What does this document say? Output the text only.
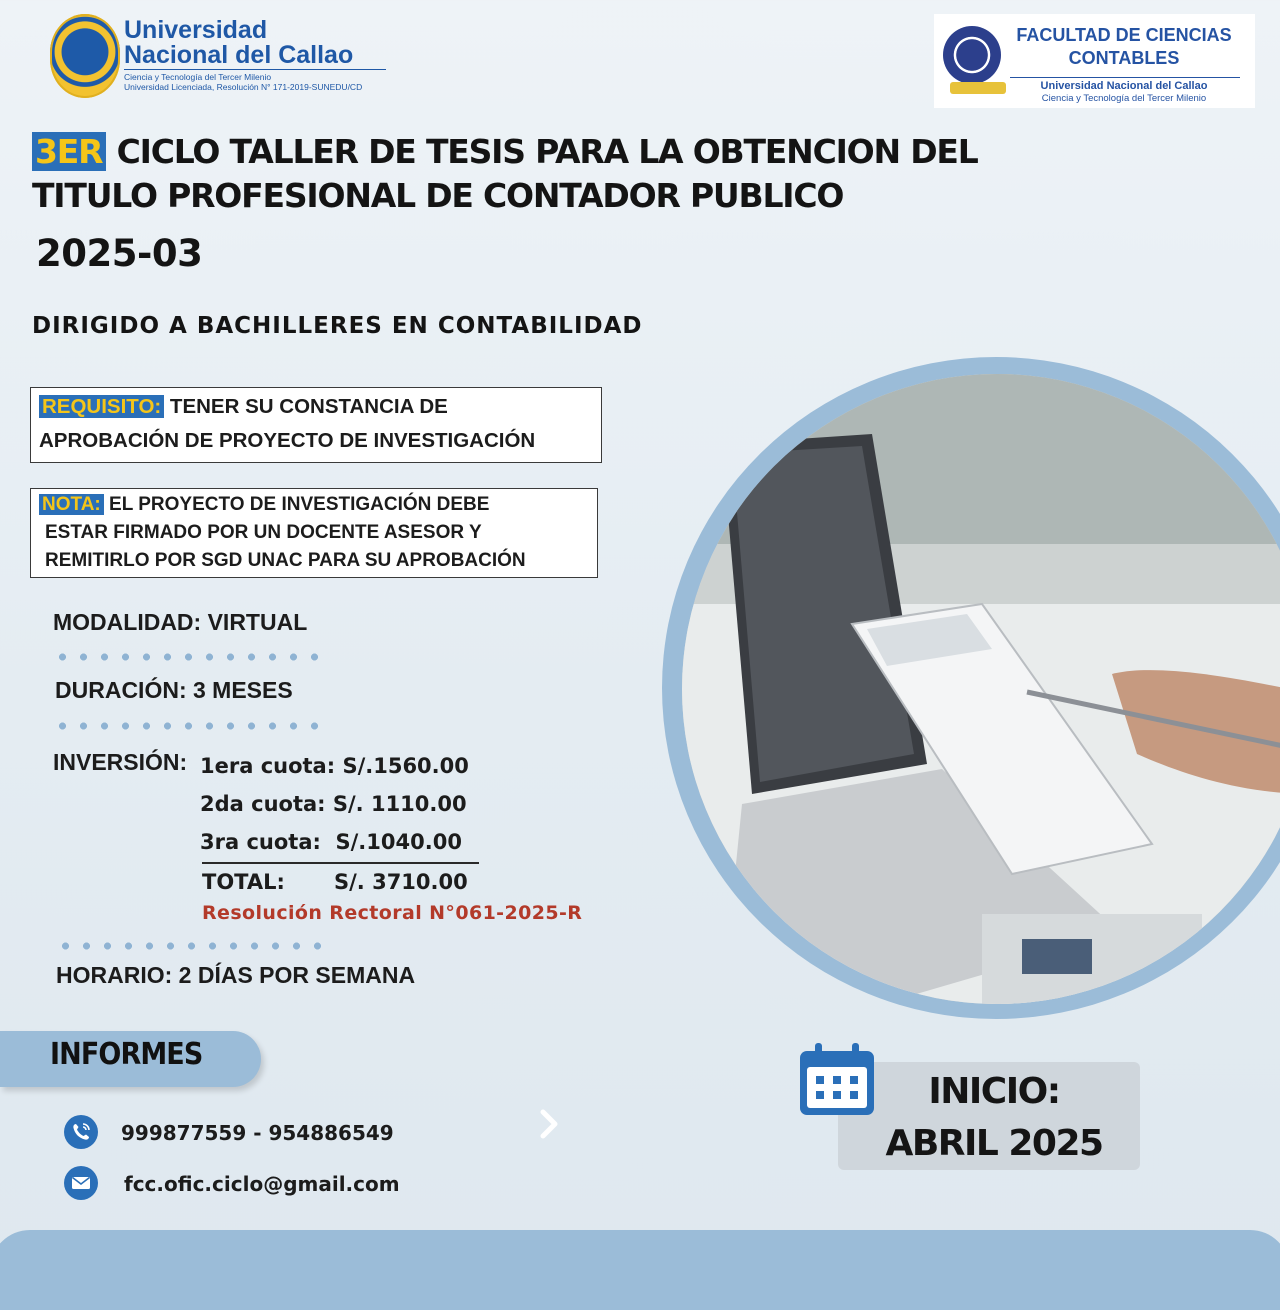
Universidad
Nacional del Callao
Ciencia y Tecnología del Tercer Milenio
Universidad Licenciada, Resolución N° 171-2019-SUNEDU/CD
FACULTAD DE CIENCIAS
CONTABLES
Universidad Nacional del Callao
Ciencia y Tecnología del Tercer Milenio
3ER CICLO TALLER DE TESIS PARA LA OBTENCION DEL
TITULO PROFESIONAL DE CONTADOR PUBLICO
2025-03
DIRIGIDO A BACHILLERES EN CONTABILIDAD
REQUISITO: TENER SU CONSTANCIA DE
APROBACIÓN DE PROYECTO DE INVESTIGACIÓN
NOTA: EL PROYECTO DE INVESTIGACIÓN DEBE
ESTAR FIRMADO POR UN DOCENTE ASESOR Y
REMITIRLO POR SGD UNAC PARA SU APROBACIÓN
MODALIDAD: VIRTUAL
DURACIÓN: 3 MESES
INVERSIÓN: 1era cuota: S/.1560.00
2da cuota: S/. 1110.00
3ra cuota: S/.1040.00
TOTAL: S/. 3710.00
Resolución Rectoral N°061-2025-R
HORARIO: 2 DÍAS POR SEMANA
INFORMES
999877559 - 954886549
fcc.ofic.ciclo@gmail.com
INICIO:
ABRIL 2025
